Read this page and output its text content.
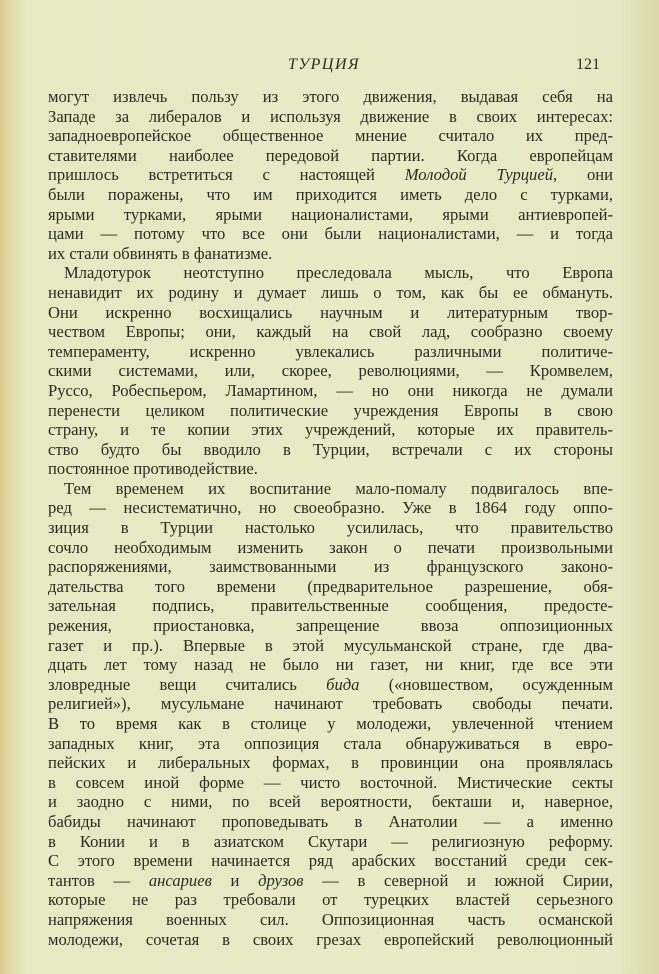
ТУРЦИЯ	121
могут извлечь пользу из этого движения, выдавая себя на
Западе за либералов и используя движение в своих интересах:
западноевропейское общественное мнение считало их пред-
ставителями наиболее передовой партии. Когда европейцам
пришлось встретиться с настоящей Молодой Турцией, они
были поражены, что им приходится иметь дело с турками,
ярыми турками, ярыми националистами, ярыми антиевропей-
цами — потому что все они были националистами, — и тогда
их стали обвинять в фанатизме.
Младотурок неотступно преследовала мысль, что Европа
ненавидит их родину и думает лишь о том, как бы ее обмануть.
Они искренно восхищались научным и литературным твор-
чеством Европы; они, каждый на свой лад, сообразно своему
темпераменту, искренно увлекались различными политиче-
скими системами, или, скорее, революциями, — Кромвелем,
Руссо, Робеспьером, Ламартином, — но они никогда не думали
перенести целиком политические учреждения Европы в свою
страну, и те копии этих учреждений, которые их правитель-
ство будто бы вводило в Турции, встречали с их стороны
постоянное противодействие.
Тем временем их воспитание мало-помалу подвигалось впе-
ред — несистематично, но своеобразно. Уже в 1864 году оппо-
зиция в Турции настолько усилилась, что правительство
сочло необходимым изменить закон о печати произвольными
распоряжениями, заимствованными из французского законо-
дательства того времени (предварительное разрешение, обя-
зательная подпись, правительственные сообщения, предосте-
режения, приостановка, запрещение ввоза оппозиционных
газет и пр.). Впервые в этой мусульманской стране, где два-
дцать лет тому назад не было ни газет, ни книг, где все эти
зловредные вещи считались бида («новшеством, осужденным
религией»), мусульмане начинают требовать свободы печати.
В то время как в столице у молодежи, увлеченной чтением
западных книг, эта оппозиция стала обнаруживаться в евро-
пейских и либеральных формах, в провинции она проявлялась
в совсем иной форме — чисто восточной. Мистические секты
и заодно с ними, по всей вероятности, бекташи и, наверное,
бабиды начинают проповедывать в Анатолии — а именно
в Конии и в азиатском Скутари — религиозную реформу.
С этого времени начинается ряд арабских восстаний среди сек-
тантов — ансариев и друзов — в северной и южной Сирии,
которые не раз требовали от турецких властей серьезного
напряжения военных сил. Оппозиционная часть османской
молодежи, сочетая в своих грезах европейский революционный
